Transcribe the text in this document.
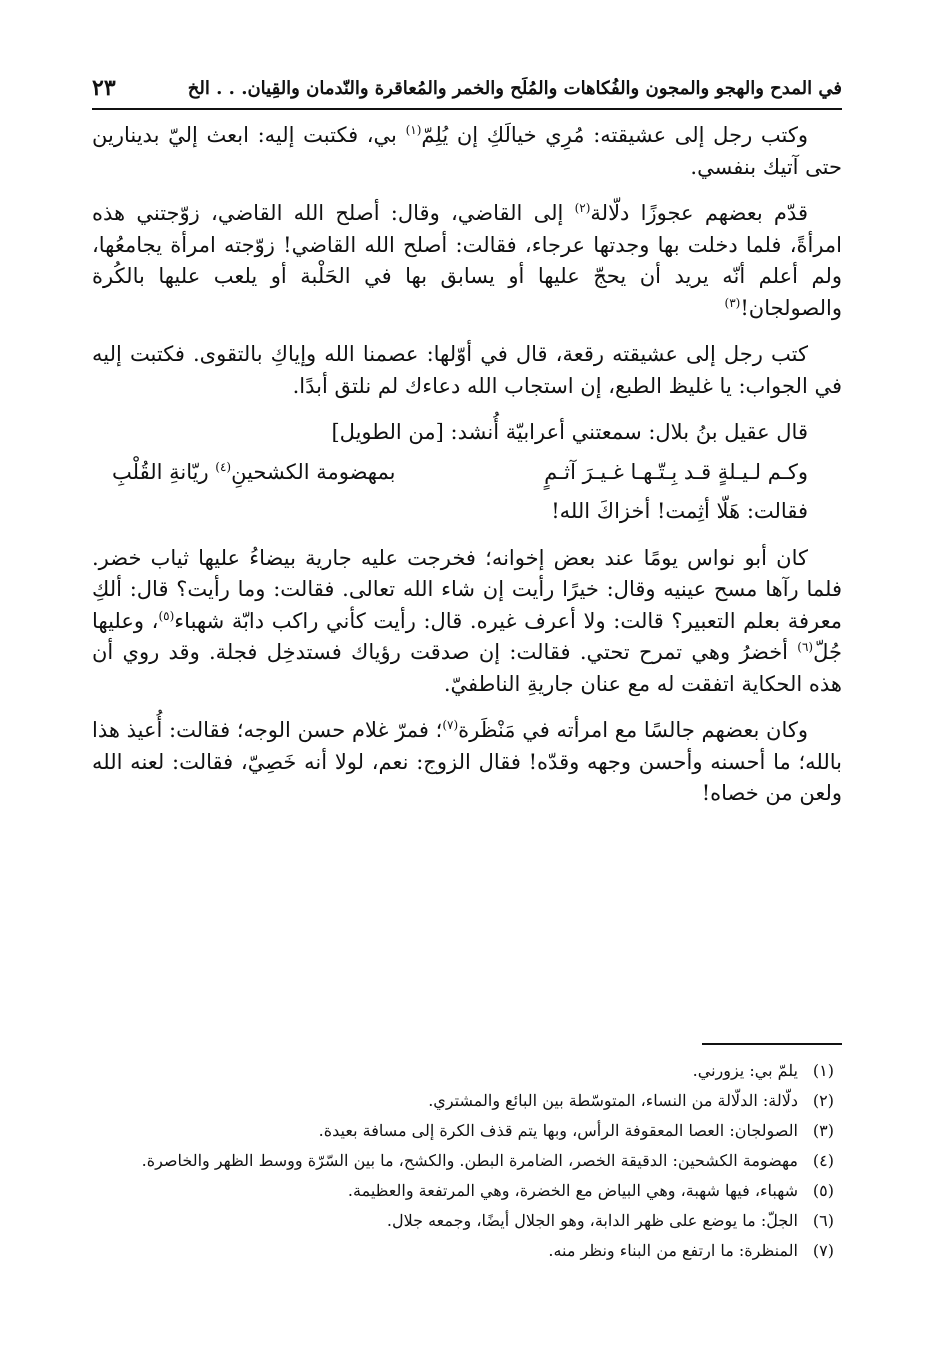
في المدح والهجو والمجون والفُكاهات والمُلَح والخمر والمُعاقرة والنّدمان والقِيان. . . الخ
٢٣

وكتب رجل إلى عشيقته: مُرِي خيالَكِ إن يُلِمّ$^{(١)}$ بي، فكتبت إليه: ابعث إليّ بدينارين حتى آتيك بنفسي.

قدّم بعضهم عجوزًا دلّالة$^{(٢)}$ إلى القاضي، وقال: أصلح الله القاضي، زوّجتني هذه امرأةً، فلما دخلت بها وجدتها عرجاء، فقالت: أصلح الله القاضي! زوّجته امرأة يجامعُها، ولم أعلم أنّه يريد أن يحجّ عليها أو يسابق بها في الحَلْبة أو يلعب عليها بالكُرة والصولجان!$^{(٣)}$

كتب رجل إلى عشيقته رقعة، قال في أوّلها: عصمنا الله وإياكِ بالتقوى. فكتبت إليه في الجواب: يا غليظ الطبع، إن استجاب الله دعاءك لم نلتق أبدًا.

قال عقيل بنُ بلال: سمعتني أعرابيّة أُنشد: [من الطويل]

وكـم لـيـلةٍ قـد بِـتّـهـا غـيـرَ آثـمٍ
بمهضومة الكشحينِ$^{(٤)}$ ريّانةِ القُلْبِ

فقالت: هَلّا أثِمت! أخزاكَ الله!

كان أبو نواس يومًا عند بعض إخوانه؛ فخرجت عليه جارية بيضاءُ عليها ثياب خضر. فلما رآها مسح عينيه وقال: خيرًا رأيت إن شاء الله تعالى. فقالت: وما رأيت؟ قال: ألكِ معرفة بعلم التعبير؟ قالت: ولا أعرف غيره. قال: رأيت كأني راكب دابّة شهباء$^{(٥)}$، وعليها جُلّ$^{(٦)}$ أخضرُ وهي تمرح تحتي. فقالت: إن صدقت رؤياك فستدخِل فجلة. وقد روي أن هذه الحكاية اتفقت له مع عنان جاريةِ الناطفيّ.

وكان بعضهم جالسًا مع امرأته في مَنْظَرة$^{(٧)}$؛ فمرّ غلام حسن الوجه؛ فقالت: أُعيذ هذا بالله؛ ما أحسنه وأحسن وجهه وقدّه! فقال الزوج: نعم، لولا أنه خَصِيّ، فقالت: لعنه الله ولعن من خصاه!

(١)
يلمّ بي: يزورني.
(٢)
دلّالة: الدلّالة من النساء، المتوسّطة بين البائع والمشتري.
(٣)
الصولجان: العصا المعقوفة الرأس، وبها يتم قذف الكرة إلى مسافة بعيدة.
(٤)
مهضومة الكشحين: الدقيقة الخصر، الضامرة البطن. والكشح، ما بين السّرّة ووسط الظهر والخاصرة.
(٥)
شهباء، فيها شهبة، وهي البياض مع الخضرة، وهي المرتفعة والعظيمة.
(٦)
الجلّ: ما يوضع على ظهر الدابة، وهو الجلال أيضًا، وجمعه جلال.
(٧)
المنظرة: ما ارتفع من البناء ونظر منه.
